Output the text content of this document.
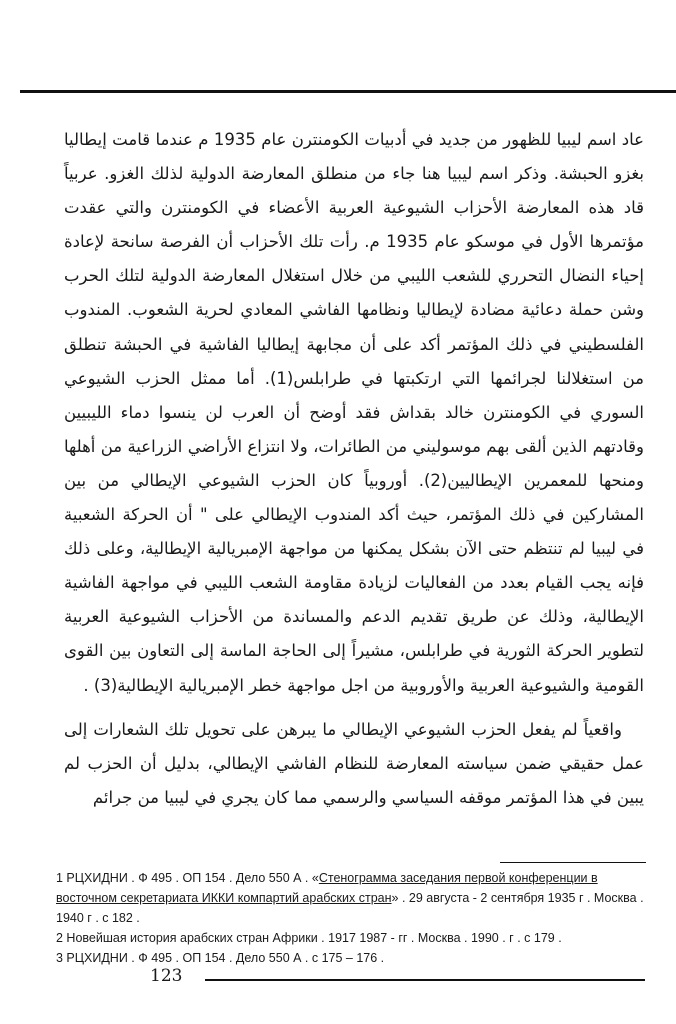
عاد اسم ليبيا للظهور من جديد في أدبيات الكومنترن عام 1935 م عندما قامت إيطاليا بغزو الحبشة. وذكر اسم ليبيا هنا جاء من منطلق المعارضة الدولية لذلك الغزو. عربياً قاد هذه المعارضة الأحزاب الشيوعية العربية الأعضاء في الكومنترن والتي عقدت مؤتمرها الأول في موسكو عام 1935 م. رأت تلك الأحزاب أن الفرصة سانحة لإعادة إحياء النضال التحرري للشعب الليبي من خلال استغلال المعارضة الدولية لتلك الحرب وشن حملة دعائية مضادة لإيطاليا ونظامها الفاشي المعادي لحرية الشعوب. المندوب الفلسطيني في ذلك المؤتمر أكد على أن مجابهة إيطاليا الفاشية في الحبشة تنطلق من استغلالنا لجرائمها التي ارتكبتها في طرابلس(1). أما ممثل الحزب الشيوعي السوري في الكومنترن خالد بقداش فقد أوضح أن العرب لن ينسوا دماء الليبيين وقادتهم الذين ألقى بهم موسوليني من الطائرات، ولا انتزاع الأراضي الزراعية من أهلها ومنحها للمعمرين الإيطاليين(2). أوروبياً كان الحزب الشيوعي الإيطالي من بين المشاركين في ذلك المؤتمر، حيث أكد المندوب الإيطالي على " أن الحركة الشعبية في ليبيا لم تنتظم حتى الآن بشكل يمكنها من مواجهة الإمبريالية الإيطالية، وعلى ذلك فإنه يجب القيام بعدد من الفعاليات لزيادة مقاومة الشعب الليبي في مواجهة الفاشية الإيطالية، وذلك عن طريق تقديم الدعم والمساندة من الأحزاب الشيوعية العربية لتطوير الحركة الثورية في طرابلس، مشيراً إلى الحاجة الماسة إلى التعاون بين القوى القومية والشيوعية العربية والأوروبية من اجل مواجهة خطر الإمبريالية الإيطالية(3) .

واقعياً لم يفعل الحزب الشيوعي الإيطالي ما يبرهن على تحويل تلك الشعارات إلى عمل حقيقي ضمن سياسته المعارضة للنظام الفاشي الإيطالي، بدليل أن الحزب لم يبين في هذا المؤتمر موقفه السياسي والرسمي مما كان يجري في ليبيا من جرائم

1 РЦХИДНИ . Ф 495 . ОП 154 . Дело 550 А . «Стенограмма заседания первой конференции в восточном секретариата ИККИ компартий арабских стран» . 29 августа - 2 сентября 1935 г . Москва . 1940 г . с 182 .

2 Новейшая история арабских стран Африки . 1917 1987 - гг . Москва . 1990 . г . с 179 .

3 РЦХИДНИ . Ф 495 . ОП 154 . Дело 550 А . с 175 – 176 .

123
